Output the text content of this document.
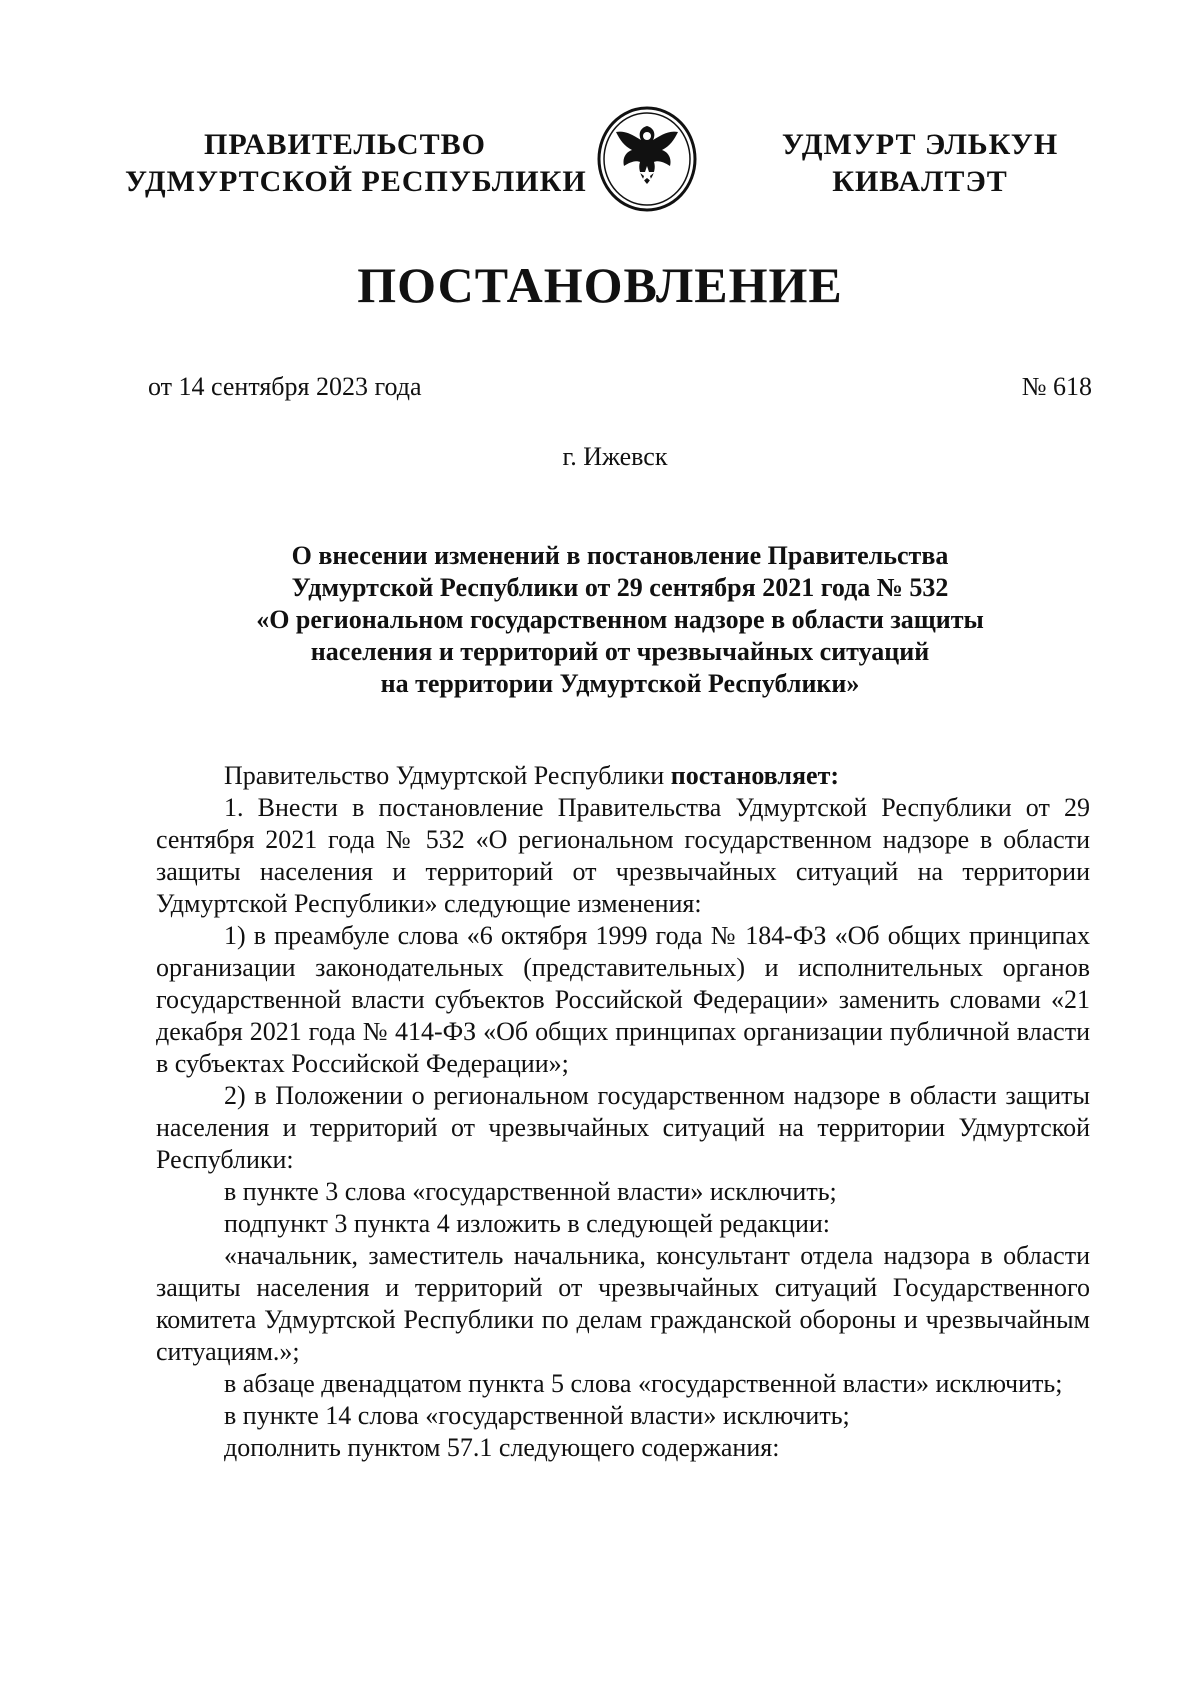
ПРАВИТЕЛЬСТВО
УДМУРТСКОЙ РЕСПУБЛИКИ
УДМУРТ ЭЛЬКУН
КИВАЛТЭТ
ПОСТАНОВЛЕНИЕ
от 14 сентября 2023 года	№ 618
г. Ижевск
О внесении изменений в постановление Правительства
Удмуртской Республики от 29 сентября 2021 года № 532
«О региональном государственном надзоре в области защиты
населения и территорий от чрезвычайных ситуаций
на территории Удмуртской Республики»

Правительство Удмуртской Республики постановляет:

1. Внести в постановление Правительства Удмуртской Республики от 29 сентября 2021 года № 532 «О региональном государственном надзоре в области защиты населения и территорий от чрезвычайных ситуаций на территории Удмуртской Республики» следующие изменения:

1) в преамбуле слова «6 октября 1999 года № 184-ФЗ «Об общих принципах организации законодательных (представительных) и исполнительных органов государственной власти субъектов Российской Федерации» заменить словами «21 декабря 2021 года № 414-ФЗ «Об общих принципах организации публичной власти в субъектах Российской Федерации»;

2) в Положении о региональном государственном надзоре в области защиты населения и территорий от чрезвычайных ситуаций на территории Удмуртской Республики:

в пункте 3 слова «государственной власти» исключить;

подпункт 3 пункта 4 изложить в следующей редакции:

«начальник, заместитель начальника, консультант отдела надзора в области защиты населения и территорий от чрезвычайных ситуаций Государственного комитета Удмуртской Республики по делам гражданской обороны и чрезвычайным ситуациям.»;

в абзаце двенадцатом пункта 5 слова «государственной власти» исключить;

в пункте 14 слова «государственной власти» исключить;

дополнить пунктом 57.1 следующего содержания:
